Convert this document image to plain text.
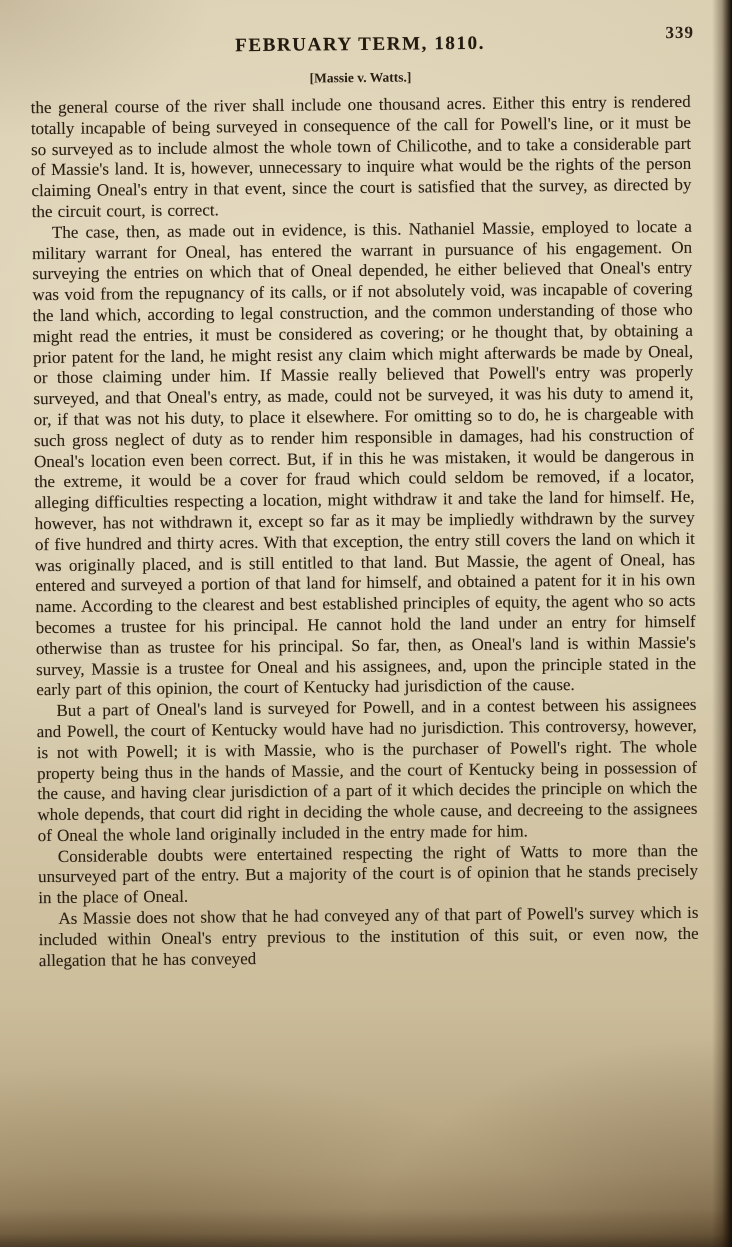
FEBRUARY TERM, 1810.
339
[Massie v. Watts.]

the general course of the river shall include one thousand acres. Either this entry is rendered totally incapable of being surveyed in consequence of the call for Powell's line, or it must be so surveyed as to include almost the whole town of Chilicothe, and to take a considerable part of Massie's land. It is, however, unnecessary to inquire what would be the rights of the person claiming Oneal's entry in that event, since the court is satisfied that the survey, as directed by the circuit court, is correct.

The case, then, as made out in evidence, is this. Nathaniel Massie, employed to locate a military warrant for Oneal, has entered the warrant in pursuance of his engagement. On surveying the entries on which that of Oneal depended, he either believed that Oneal's entry was void from the repugnancy of its calls, or if not absolutely void, was incapable of covering the land which, according to legal construction, and the common understanding of those who might read the entries, it must be considered as covering; or he thought that, by obtaining a prior patent for the land, he might resist any claim which might afterwards be made by Oneal, or those claiming under him. If Massie really believed that Powell's entry was properly surveyed, and that Oneal's entry, as made, could not be surveyed, it was his duty to amend it, or, if that was not his duty, to place it elsewhere. For omitting so to do, he is chargeable with such gross neglect of duty as to render him responsible in damages, had his construction of Oneal's location even been correct. But, if in this he was mistaken, it would be dangerous in the extreme, it would be a cover for fraud which could seldom be removed, if a locator, alleging difficulties respecting a location, might withdraw it and take the land for himself. He, however, has not withdrawn it, except so far as it may be impliedly withdrawn by the survey of five hundred and thirty acres. With that exception, the entry still covers the land on which it was originally placed, and is still entitled to that land. But Massie, the agent of Oneal, has entered and surveyed a portion of that land for himself, and obtained a patent for it in his own name. According to the clearest and best established principles of equity, the agent who so acts becomes a trustee for his principal. He cannot hold the land under an entry for himself otherwise than as trustee for his principal. So far, then, as Oneal's land is within Massie's survey, Massie is a trustee for Oneal and his assignees, and, upon the principle stated in the early part of this opinion, the court of Kentucky had jurisdiction of the cause.

But a part of Oneal's land is surveyed for Powell, and in a contest between his assignees and Powell, the court of Kentucky would have had no jurisdiction. This controversy, however, is not with Powell; it is with Massie, who is the purchaser of Powell's right. The whole property being thus in the hands of Massie, and the court of Kentucky being in possession of the cause, and having clear jurisdiction of a part of it which decides the principle on which the whole depends, that court did right in deciding the whole cause, and decreeing to the assignees of Oneal the whole land originally included in the entry made for him.

Considerable doubts were entertained respecting the right of Watts to more than the unsurveyed part of the entry. But a majority of the court is of opinion that he stands precisely in the place of Oneal.

As Massie does not show that he had conveyed any of that part of Powell's survey which is included within Oneal's entry previous to the institution of this suit, or even now, the allegation that he has conveyed
